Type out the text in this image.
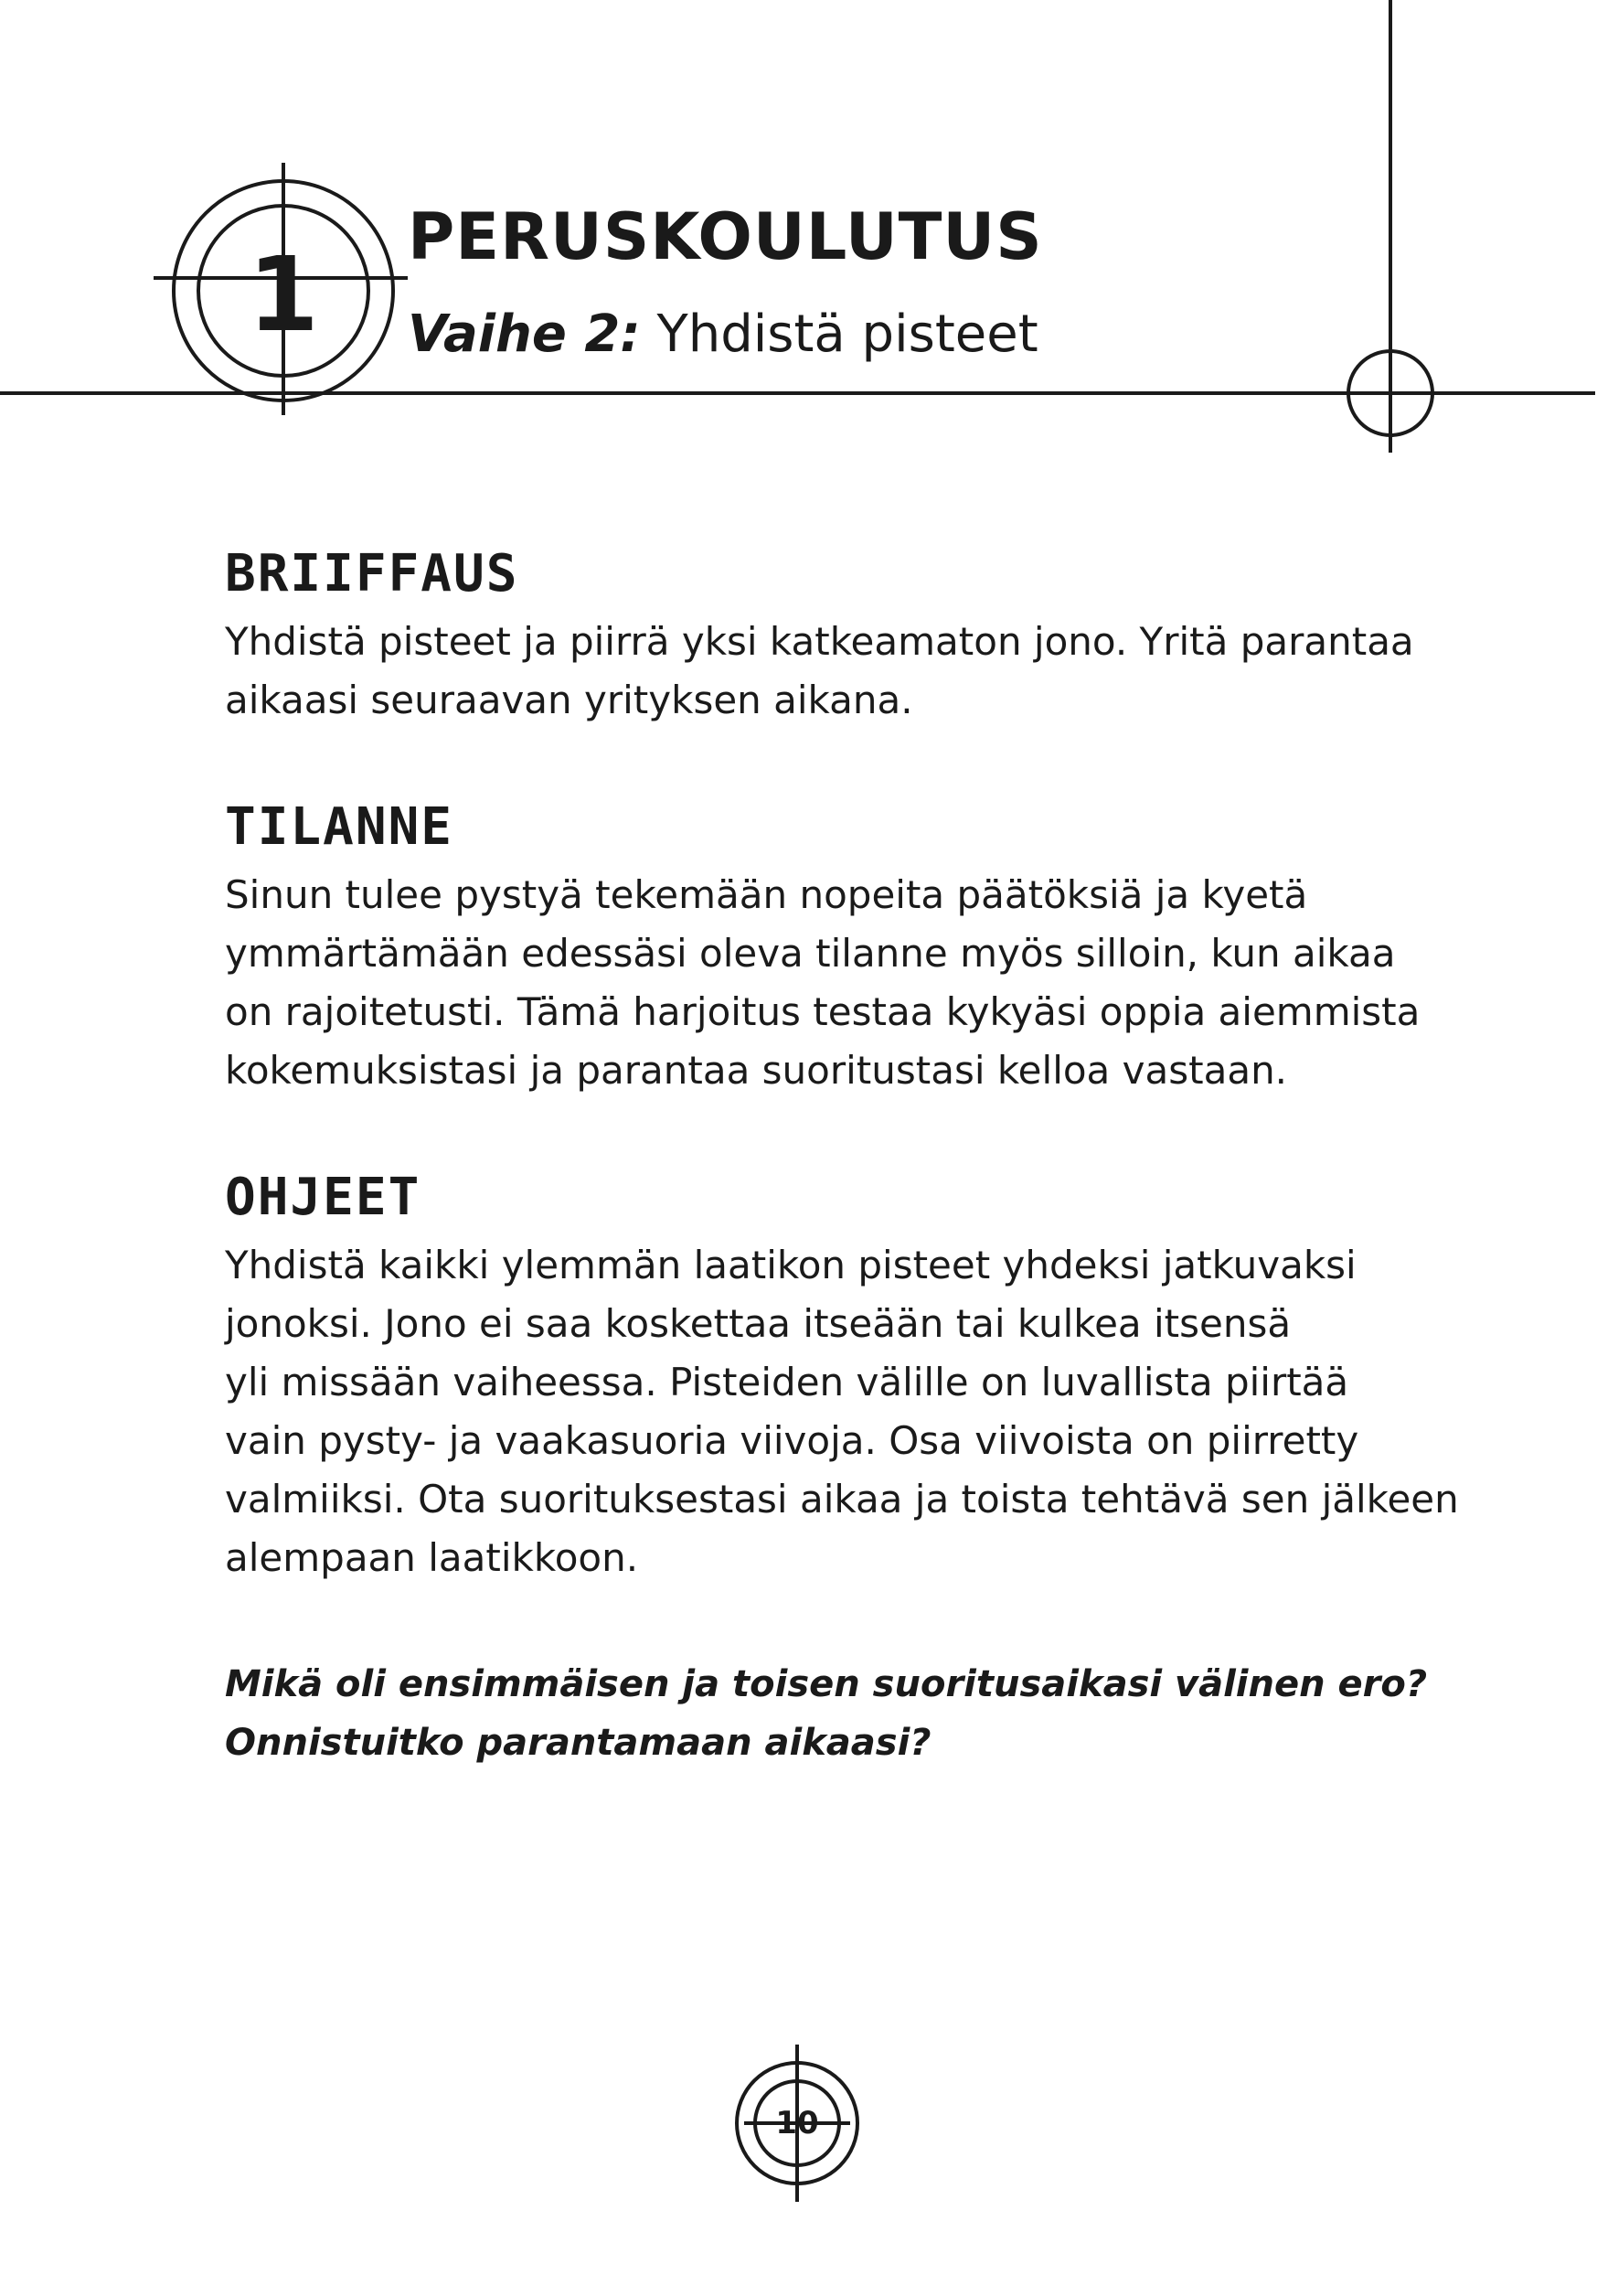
1	PERUSKOULUTUS
Vaihe 2: Yhdistä pisteet
BRIIFFAUS

Yhdistä pisteet ja piirrä yksi katkeamaton jono. Yritä parantaa
aikaasi seuraavan yrityksen aikana.

TILANNE

Sinun tulee pystyä tekemään nopeita päätöksiä ja kyetä
ymmärtämään edessäsi oleva tilanne myös silloin, kun aikaa
on rajoitetusti. Tämä harjoitus testaa kykyäsi oppia aiemmista
kokemuksistasi ja parantaa suoritustasi kelloa vastaan.

OHJEET

Yhdistä kaikki ylemmän laatikon pisteet yhdeksi jatkuvaksi
jonoksi. Jono ei saa koskettaa itseään tai kulkea itsensä
yli missään vaiheessa. Pisteiden välille on luvallista piirtää
vain pysty- ja vaakasuoria viivoja. Osa viivoista on piirretty
valmiiksi. Ota suorituksestasi aikaa ja toista tehtävä sen jälkeen
alempaan laatikkoon.

Mikä oli ensimmäisen ja toisen suoritusaikasi välinen ero?
Onnistuitko parantamaan aikaasi?

10
